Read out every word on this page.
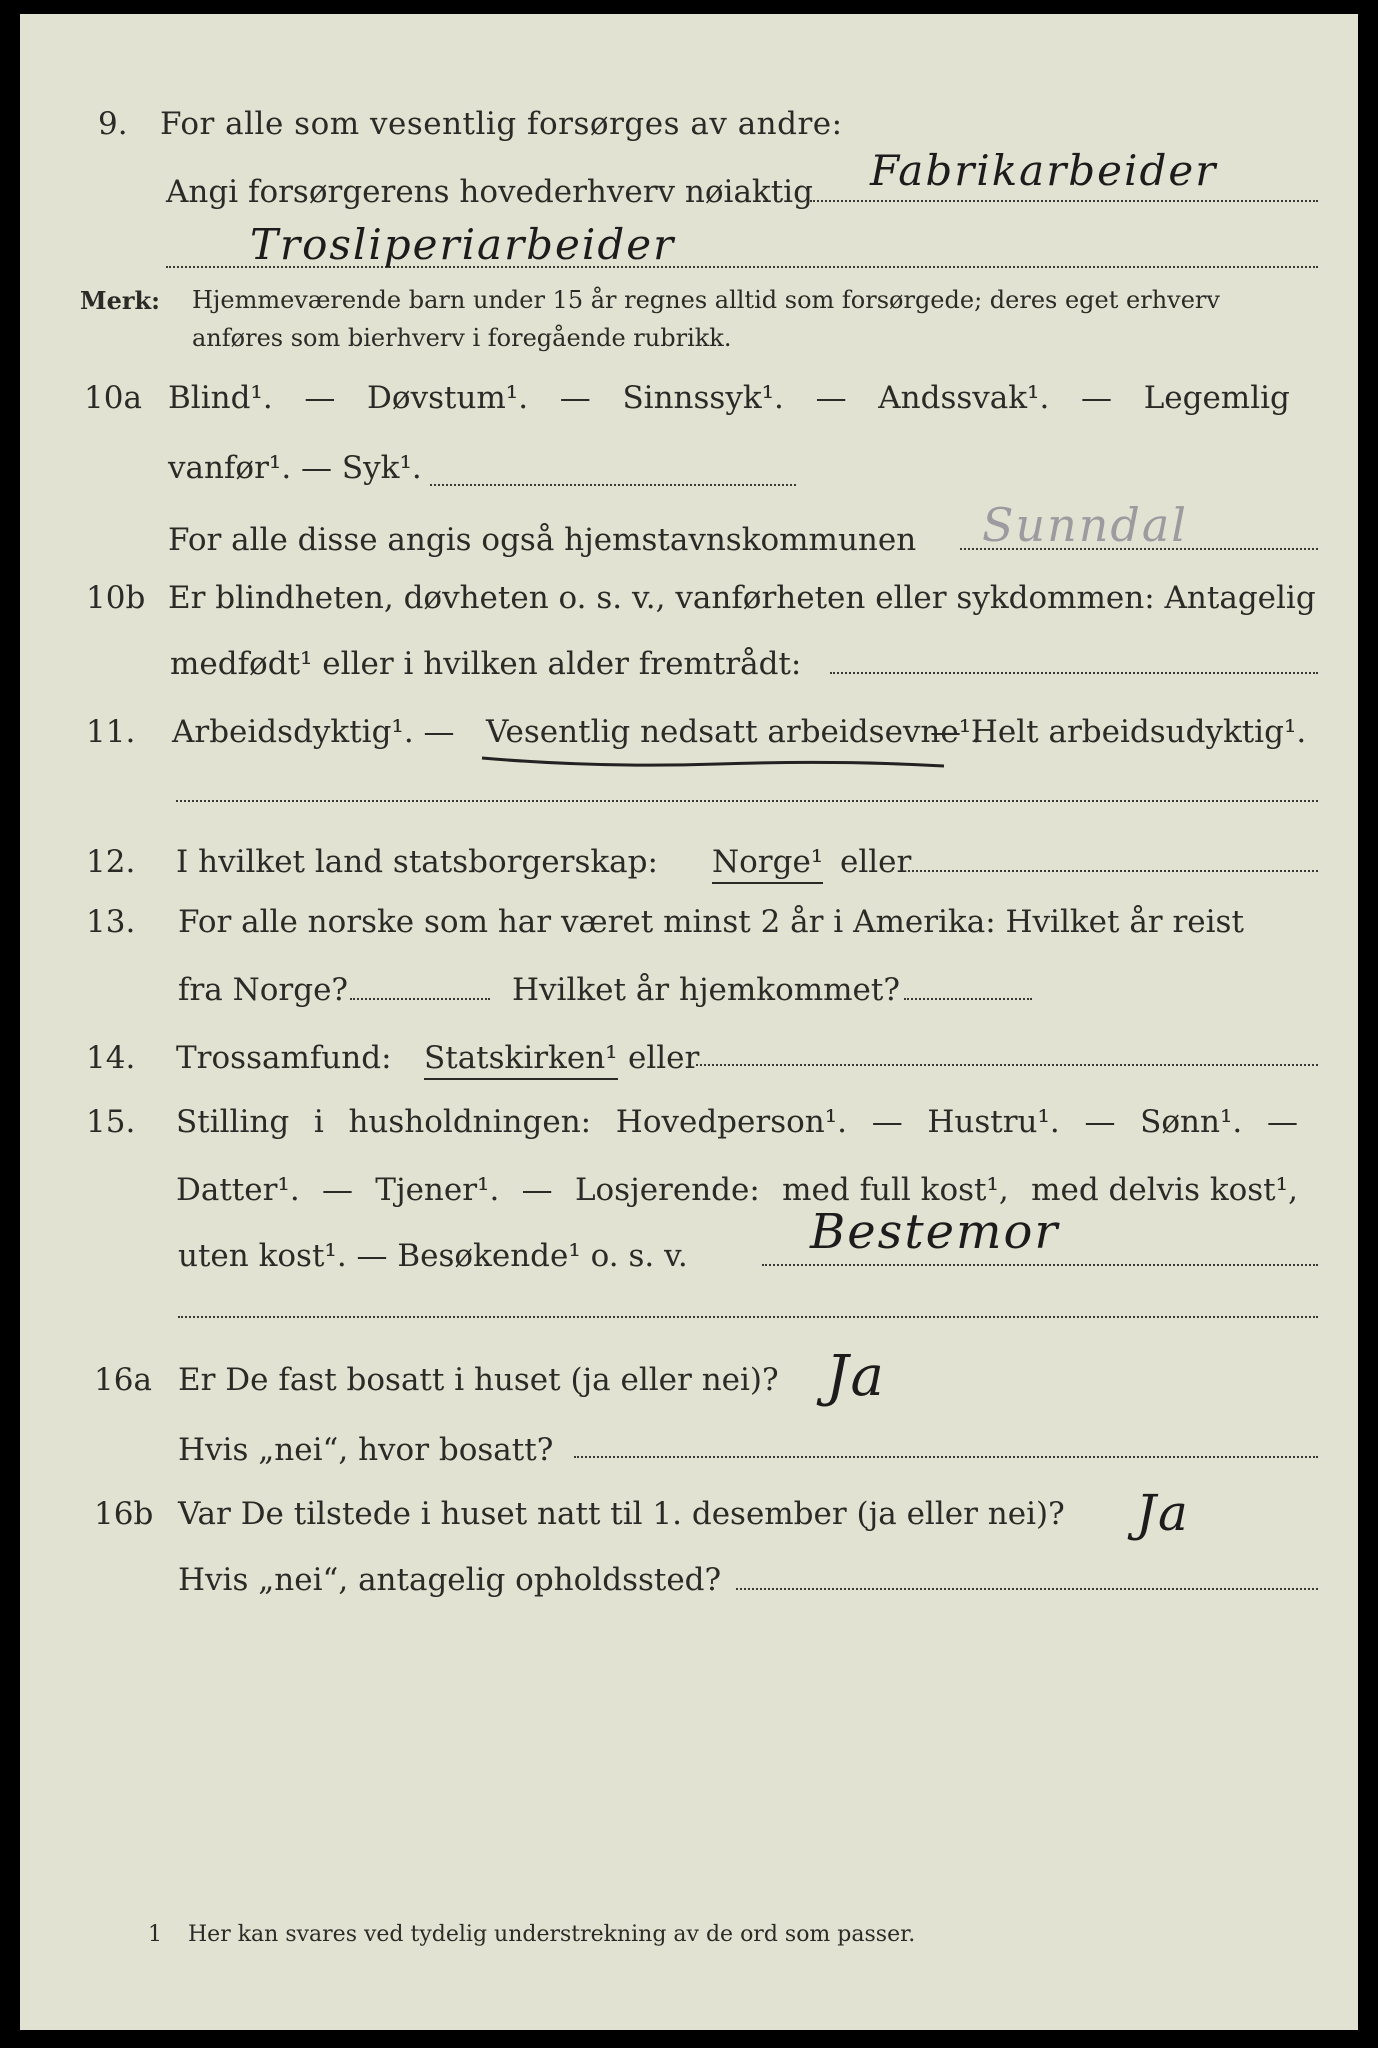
9. For alle som vesentlig forsørges av andre:
Angi forsørgerens hovederhverv nøiaktig Fabrikarbeider
Trosliperiarbeider
Merk: Hjemmeværende barn under 15 år regnes alltid som forsørgede; deres eget erhverv
anføres som bierhverv i foregående rubrikk.
10a Blind¹. — Døvstum¹. — Sinnssyk¹. — Andssvak¹. — Legemlig
vanfør¹. — Syk¹.
For alle disse angis også hjemstavnskommunen Sunndal
10b Er blindheten, døvheten o. s. v., vanførheten eller sykdommen: Antagelig
medfødt¹ eller i hvilken alder fremtrådt:
11. Arbeidsdyktig¹. — Vesentlig nedsatt arbeidsevne¹.
— Helt arbeidsudyktig¹.
12. I hvilket land statsborgerskap: Norge¹ eller
13. For alle norske som har været minst 2 år i Amerika: Hvilket år reist
fra Norge?	Hvilket år hjemkommet?
14. Trossamfund: Statskirken¹ eller
15. Stilling i husholdningen: Hovedperson¹. — Hustru¹. — Sønn¹. —
Datter¹. — Tjener¹. — Losjerende: med full kost¹, med delvis kost¹,
uten kost¹. — Besøkende¹ o. s. v.	Bestemor
16a Er De fast bosatt i huset (ja eller nei)? Ja
Hvis „nei“, hvor bosatt?
16b Var De tilstede i huset natt til 1. desember (ja eller nei)? Ja
Hvis „nei“, antagelig opholdssted?
1 Her kan svares ved tydelig understrekning av de ord som passer.
